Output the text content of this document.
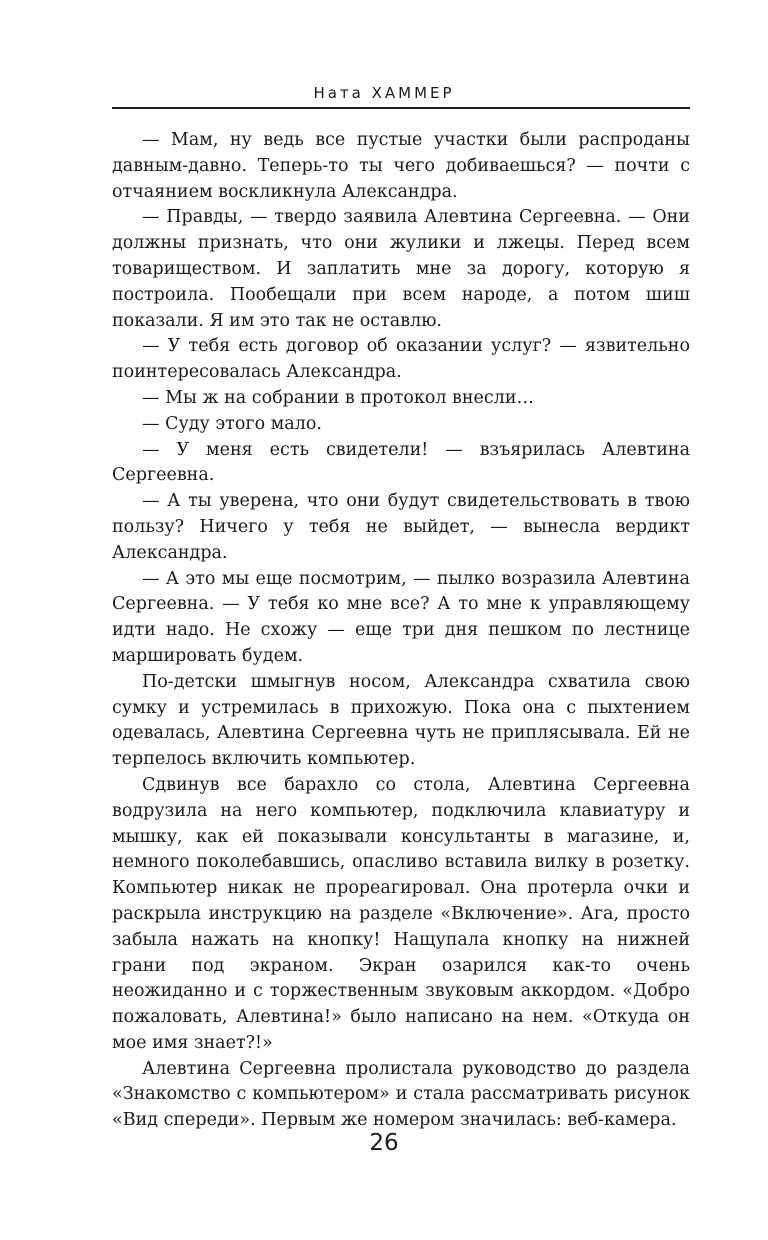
Ната ХАММЕР

— Мам, ну ведь все пустые участки были распроданы давным-давно. Теперь-то ты чего добиваешься? — почти с отчаянием воскликнула Александра.

— Правды, — твердо заявила Алевтина Сергеевна. — Они должны признать, что они жулики и лжецы. Перед всем товариществом. И заплатить мне за дорогу, которую я построила. Пообещали при всем народе, а потом шиш показали. Я им это так не оставлю.

— У тебя есть договор об оказании услуг? — язвительно поинтересовалась Александра.

— Мы ж на собрании в протокол внесли…

— Суду этого мало.

— У меня есть свидетели! — взъярилась Алевтина Сергеевна.

— А ты уверена, что они будут свидетельствовать в твою пользу? Ничего у тебя не выйдет, — вынесла вердикт Александра.

— А это мы еще посмотрим, — пылко возразила Алевтина Сергеевна. — У тебя ко мне все? А то мне к управляющему идти надо. Не схожу — еще три дня пешком по лестнице маршировать будем.

По-детски шмыгнув носом, Александра схватила свою сумку и устремилась в прихожую. Пока она с пыхтением одевалась, Алевтина Сергеевна чуть не приплясывала. Ей не терпелось включить компьютер.

Сдвинув все барахло со стола, Алевтина Сергеевна водрузила на него компьютер, подключила клавиатуру и мышку, как ей показывали консультанты в магазине, и, немного поколебавшись, опасливо вставила вилку в розетку. Компьютер никак не прореагировал. Она протерла очки и раскрыла инструкцию на разделе «Включение». Ага, просто забыла нажать на кнопку! Нащупала кнопку на нижней грани под экраном. Экран озарился как-то очень неожиданно и с торжественным звуковым аккордом. «Добро пожаловать, Алевтина!» было написано на нем. «Откуда он мое имя знает?!»

Алевтина Сергеевна пролистала руководство до раздела «Знакомство с компьютером» и стала рассматривать рисунок «Вид спереди». Первым же номером значилась: веб-камера.

26
